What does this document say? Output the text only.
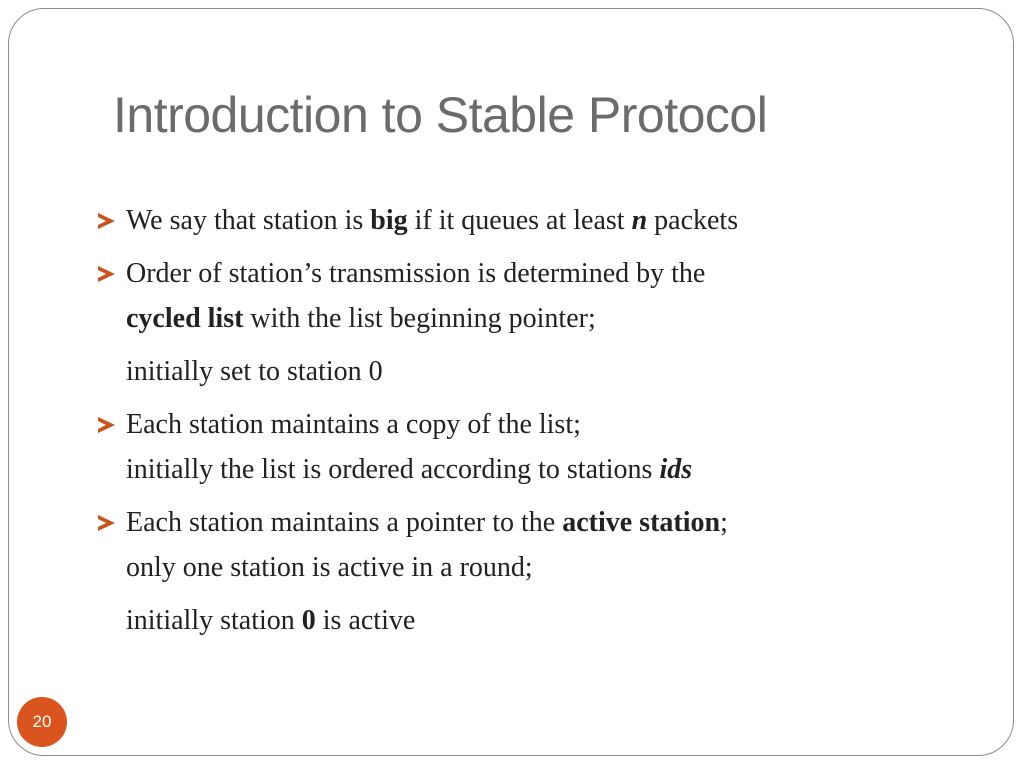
Introduction to Stable Protocol
We say that station is big if it queues at least n packets
Order of station’s transmission is determined by the
cycled list with the list beginning pointer;
initially set to station 0
Each station maintains a copy of the list;
initially the list is ordered according to stations ids
Each station maintains a pointer to the active station;
only one station is active in a round;
initially station 0 is active
20
